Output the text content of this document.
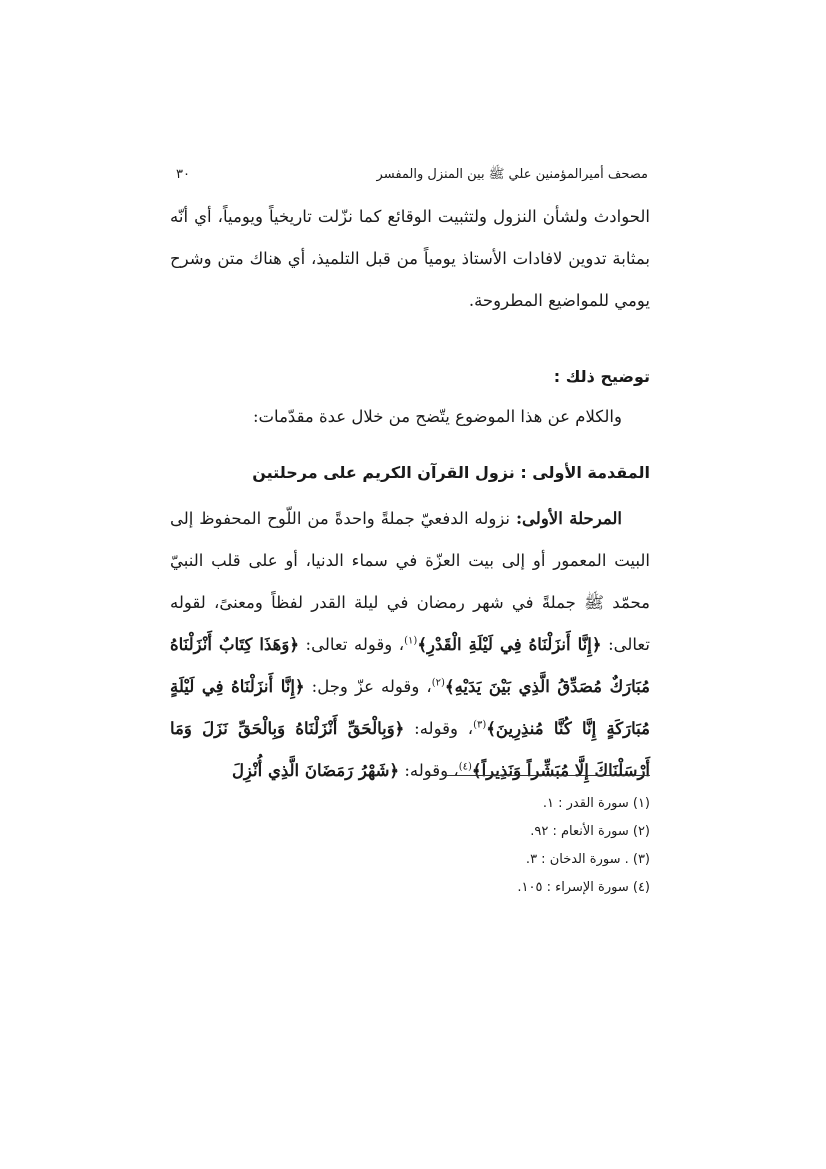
مصحف أميرالمؤمنين علي ﷺ بين المنزل والمفسر
٣٠

الحوادث ولشأن النزول ولتثبيت الوقائع كما نزّلت تاريخياً ويومياً، أي أنّه بمثابة تدوين لافادات الأستاذ يومياً من قبل التلميذ، أي هناك متن وشرح يومي للمواضيع المطروحة.

توضيح ذلك :

والكلام عن هذا الموضوع يتّضح من خلال عدة مقدّمات:

المقدمة الأولى : نزول القرآن الكريم على مرحلتين

المرحلة الأولى: نزوله الدفعيّ جملةً واحدةً من اللّوح المحفوظ إلى البيت المعمور أو إلى بيت العزّة في سماء الدنيا، أو على قلب النبيّ محمّد ﷺ جملةً في شهر رمضان في ليلة القدر لفظاً ومعنىً، لقوله تعالى: ﴿إِنَّا أَنزَلْنَاهُ فِي لَيْلَةِ الْقَدْرِ﴾$^{(١)}$، وقوله تعالى: ﴿وَهَذَا كِتَابٌ أَنْزَلْنَاهُ مُبَارَكٌ مُصَدِّقُ الَّذِي بَيْنَ يَدَيْهِ﴾$^{(٢)}$، وقوله عزّ وجل: ﴿إِنَّا أَنزَلْنَاهُ فِي لَيْلَةٍ مُبَارَكَةٍ إِنَّا كُنَّا مُنذِرِينَ﴾$^{(٣)}$، وقوله: ﴿وَبِالْحَقِّ أَنْزَلْنَاهُ وَبِالْحَقِّ نَزَلَ وَمَا أَرْسَلْنَاكَ إِلَّا مُبَشِّراً وَنَذِيراً﴾$^{(٤)}$، وقوله: ﴿شَهْرُ رَمَضَانَ الَّذِي أُنْزِلَ

(١) سورة القدر : ١.
(٢) سورة الأنعام : ٩٢.
(٣) . سورة الدخان : ٣.
(٤) سورة الإسراء : ١٠٥.
